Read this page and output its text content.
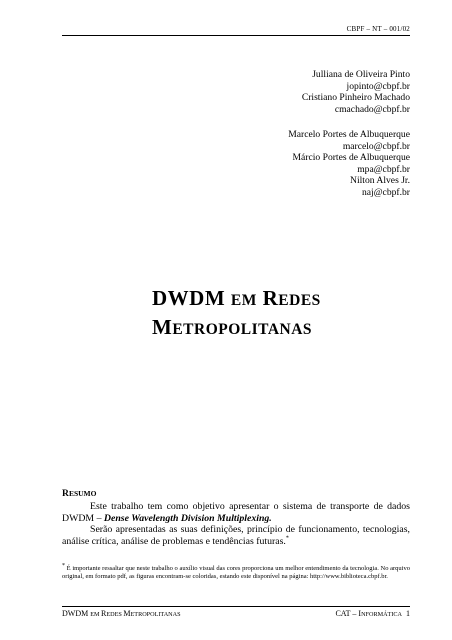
CBPF – NT – 001/02
Julliana de Oliveira Pinto
jopinto@cbpf.br
Cristiano Pinheiro Machado
cmachado@cbpf.br
Marcelo Portes de Albuquerque
marcelo@cbpf.br
Márcio Portes de Albuquerque
mpa@cbpf.br
Nilton Alves Jr.
naj@cbpf.br
DWDM EM REDES
METROPOLITANAS
RESUMO
Este trabalho tem como objetivo apresentar o sistema de transporte de dados DWDM – Dense Wavelength Division Multiplexing.
Serão apresentadas as suas definições, princípio de funcionamento, tecnologias, análise crítica, análise de problemas e tendências futuras.*
* É importante ressaltar que neste trabalho o auxílio visual das cores proporciona um melhor entendimento da tecnologia. No arquivo original, em formato pdf, as figuras encontram-se coloridas, estando este disponível na página: http://www.biblioteca.cbpf.br.
DWDM EM REDES METROPOLITANAS	CAT – INFORMÁTICA 1
